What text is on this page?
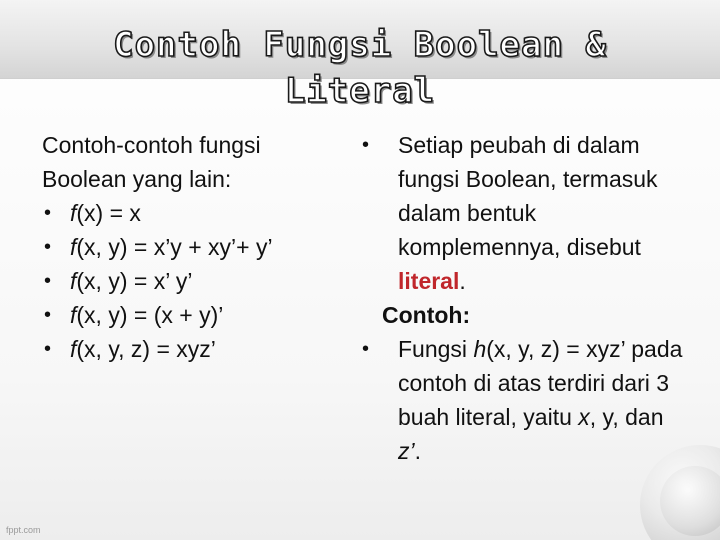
Contoh Fungsi Boolean &
Literal

Contoh-contoh fungsi
Boolean yang lain:

• f(x) = x
• f(x, y) = x’y + xy’+ y’
• f(x, y) = x’ y’
• f(x, y) = (x + y)’
• f(x, y, z) = xyz’
• Setiap peubah di dalam fungsi Boolean, termasuk dalam bentuk komplemennya, disebut literal.
Contoh:
• Fungsi h(x, y, z) = xyz’ pada contoh di atas terdiri dari 3 buah literal, yaitu x, y, dan z’.
fppt.com
